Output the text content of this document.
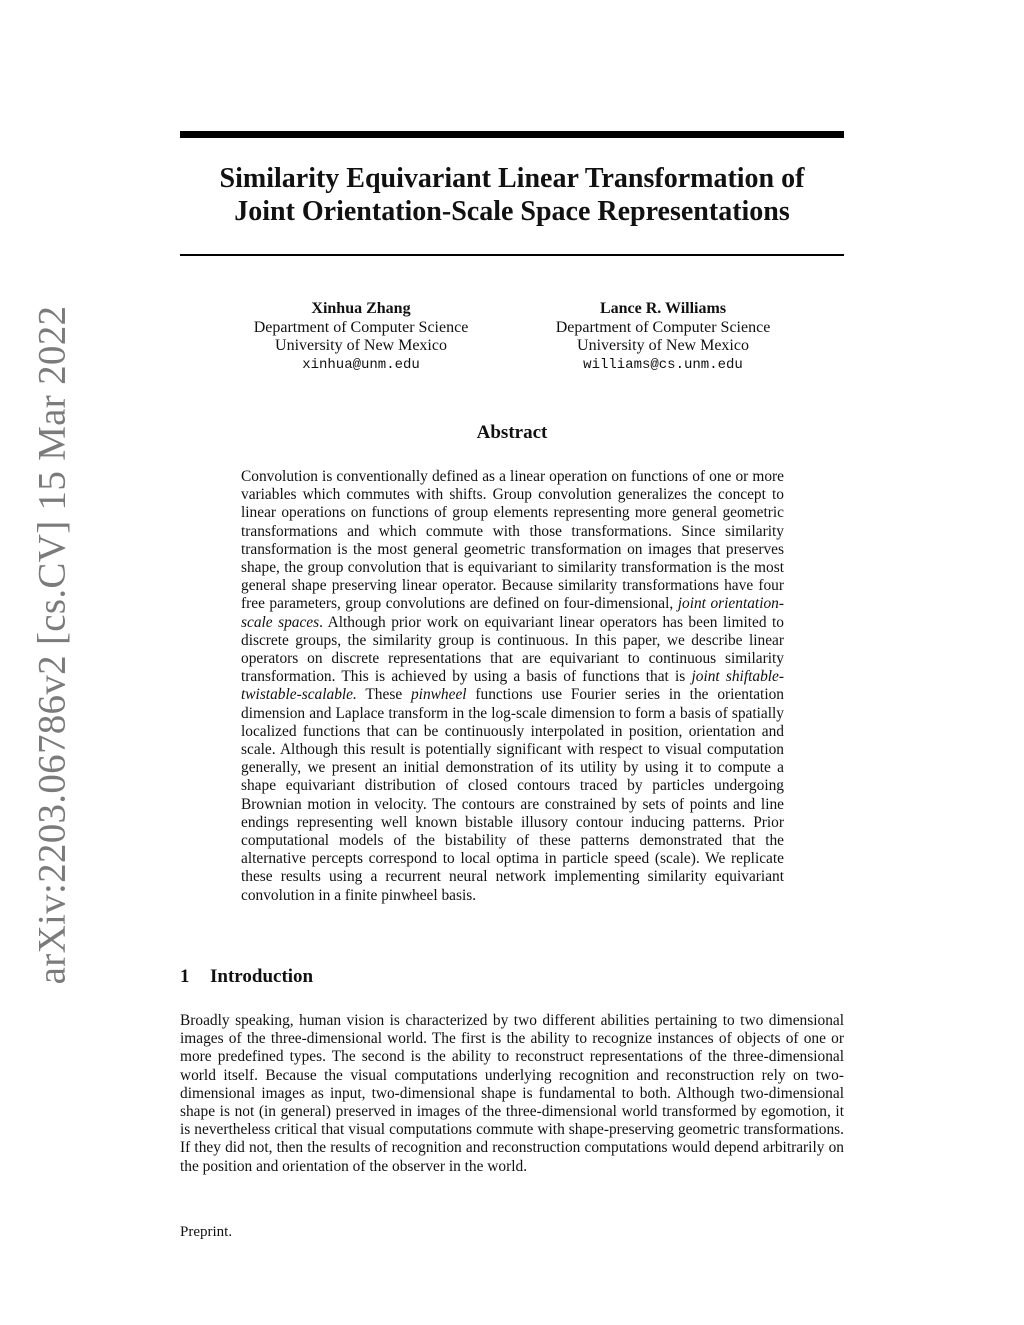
arXiv:2203.06786v2 [cs.CV] 15 Mar 2022
Similarity Equivariant Linear Transformation of
Joint Orientation-Scale Space Representations
Xinhua Zhang
Department of Computer Science
University of New Mexico
xinhua@unm.edu
Lance R. Williams
Department of Computer Science
University of New Mexico
williams@cs.unm.edu
Abstract

Convolution is conventionally defined as a linear operation on functions of one or more variables which commutes with shifts. Group convolution generalizes the concept to linear operations on functions of group elements representing more general geometric transformations and which commute with those transformations. Since similarity transformation is the most general geometric transformation on images that preserves shape, the group convolution that is equivariant to similarity transformation is the most general shape preserving linear operator. Because similarity transformations have four free parameters, group convolutions are defined on four-dimensional, joint orientation-scale spaces. Although prior work on equivariant linear operators has been limited to discrete groups, the similarity group is continuous. In this paper, we describe linear operators on discrete representations that are equivariant to continuous similarity transformation. This is achieved by using a basis of functions that is joint shiftable-twistable-scalable. These pinwheel functions use Fourier series in the orientation dimension and Laplace transform in the log-scale dimension to form a basis of spatially localized functions that can be continuously interpolated in position, orientation and scale. Although this result is potentially significant with respect to visual computation generally, we present an initial demonstration of its utility by using it to compute a shape equivariant distribution of closed contours traced by particles undergoing Brownian motion in velocity. The contours are constrained by sets of points and line endings representing well known bistable illusory contour inducing patterns. Prior computational models of the bistability of these patterns demonstrated that the alternative percepts correspond to local optima in particle speed (scale). We replicate these results using a recurrent neural network implementing similarity equivariant convolution in a finite pinwheel basis.

1 Introduction

Broadly speaking, human vision is characterized by two different abilities pertaining to two dimensional images of the three-dimensional world. The first is the ability to recognize instances of objects of one or more predefined types. The second is the ability to reconstruct representations of the three-dimensional world itself. Because the visual computations underlying recognition and reconstruction rely on two-dimensional images as input, two-dimensional shape is fundamental to both. Although two-dimensional shape is not (in general) preserved in images of the three-dimensional world transformed by egomotion, it is nevertheless critical that visual computations commute with shape-preserving geometric transformations. If they did not, then the results of recognition and reconstruction computations would depend arbitrarily on the position and orientation of the observer in the world.

Preprint.
